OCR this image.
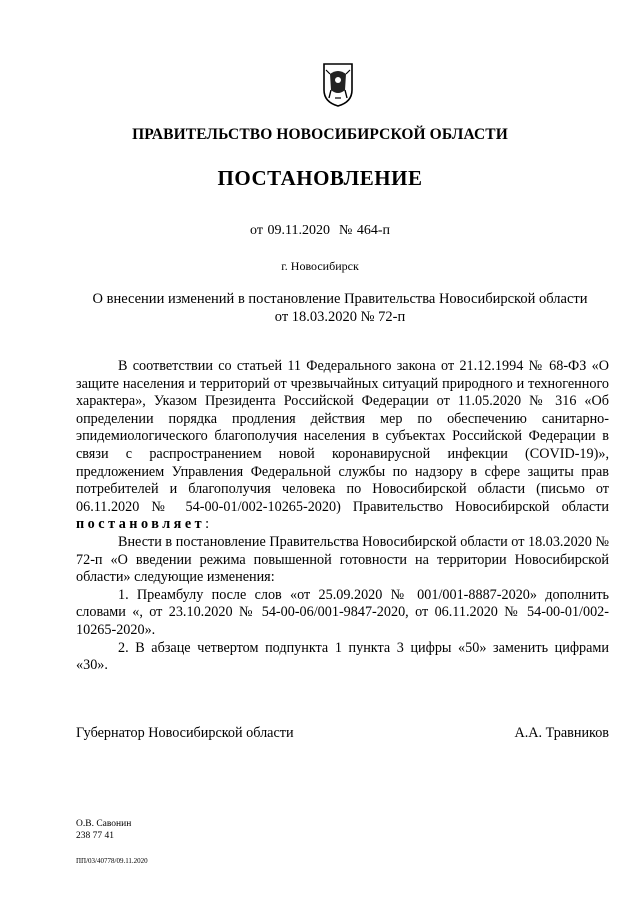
ПРАВИТЕЛЬСТВО НОВОСИБИРСКОЙ ОБЛАСТИ
ПОСТАНОВЛЕНИЕ
от 09.11.2020 № 464-п
г. Новосибирск
О внесении изменений в постановление Правительства Новосибирской области
от 18.03.2020 № 72-п

В соответствии со статьей 11 Федерального закона от 21.12.1994 № 68-ФЗ «О защите населения и территорий от чрезвычайных ситуаций природного и техногенного характера», Указом Президента Российской Федерации от 11.05.2020 № 316 «Об определении порядка продления действия мер по обеспечению санитарно-эпидемиологического благополучия населения в субъектах Российской Федерации в связи с распространением новой коронавирусной инфекции (COVID-19)», предложением Управления Федеральной службы по надзору в сфере защиты прав потребителей и благополучия человека по Новосибирской области (письмо от 06.11.2020 № 54-00-01/002-10265-2020) Правительство Новосибирской области постановляет:

Внести в постановление Правительства Новосибирской области от 18.03.2020 № 72-п «О введении режима повышенной готовности на территории Новосибирской области» следующие изменения:

1. Преамбулу после слов «от 25.09.2020 № 001/001-8887-2020» дополнить словами «, от 23.10.2020 № 54-00-06/001-9847-2020, от 06.11.2020 № 54-00-01/002-10265-2020».

2. В абзаце четвертом подпункта 1 пункта 3 цифры «50» заменить цифрами «30».

Губернатор Новосибирской области	А.А. Травников
О.В. Савонин
238 77 41
ПП/03/40778/09.11.2020
